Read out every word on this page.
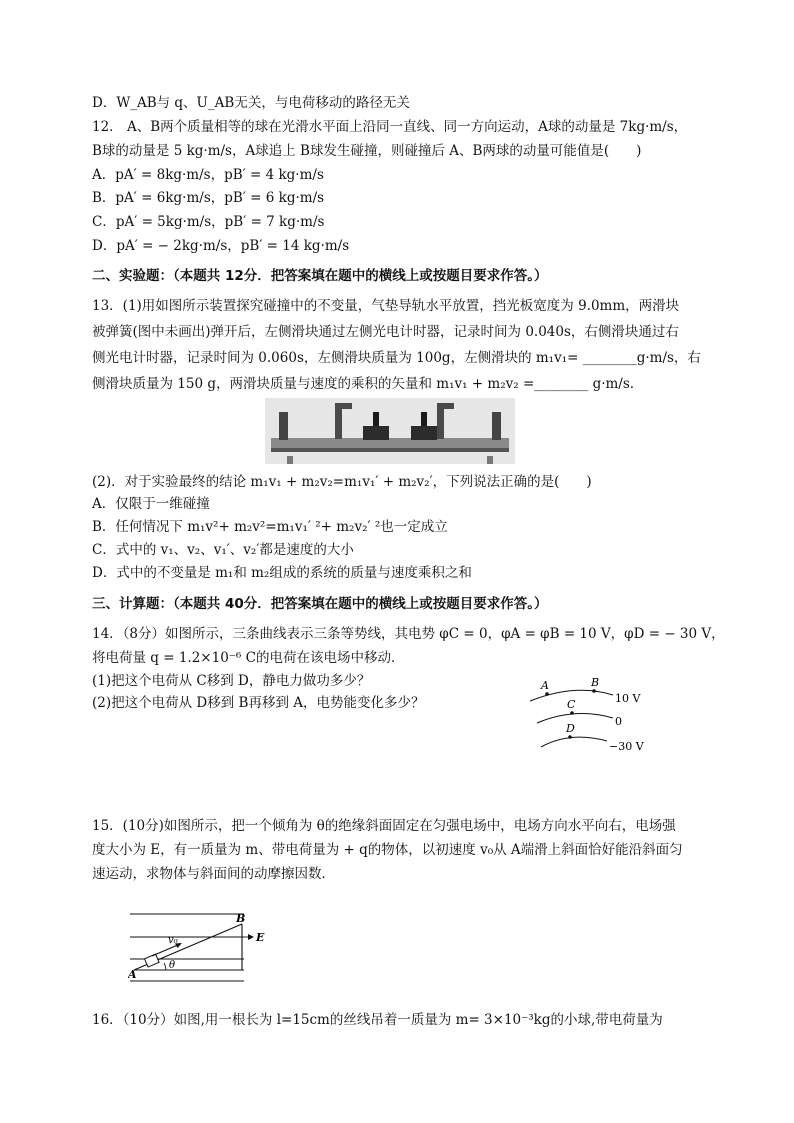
D．W_AB与 q、U_AB无关，与电荷移动的路径无关
12． A、B两个质量相等的球在光滑水平面上沿同一直线、同一方向运动，A球的动量是 7kg·m/s，
B球的动量是 5 kg·m/s，A球追上 B球发生碰撞，则碰撞后 A、B两球的动量可能值是(　　)
A．pA′ = 8kg·m/s，pB′ = 4 kg·m/s
B．pA′ = 6kg·m/s，pB′ = 6 kg·m/s
C．pA′ = 5kg·m/s，pB′ = 7 kg·m/s
D．pA′ = − 2kg·m/s，pB′ = 14 kg·m/s
二、实验题：（本题共 12分．把答案填在题中的横线上或按题目要求作答。）
13．(1)用如图所示装置探究碰撞中的不变量，气垫导轨水平放置，挡光板宽度为 9.0mm，两滑块
被弹簧(图中未画出)弹开后，左侧滑块通过左侧光电计时器，记录时间为 0.040s，右侧滑块通过右
侧光电计时器，记录时间为 0.060s，左侧滑块质量为 100g，左侧滑块的 m₁v₁= ________g·m/s，右
侧滑块质量为 150 g，两滑块质量与速度的乘积的矢量和 m₁v₁ + m₂v₂ =________ g·m/s.
(2)．对于实验最终的结论 m₁v₁ + m₂v₂=m₁v₁′ + m₂v₂′，下列说法正确的是(　　)
A．仅限于一维碰撞
B．任何情况下 m₁v²+ m₂v²=m₁v₁′ ²+ m₂v₂′ ²也一定成立
C．式中的 v₁、v₂、v₁′、v₂′都是速度的大小
D．式中的不变量是 m₁和 m₂组成的系统的质量与速度乘积之和
三、计算题：（本题共 40分．把答案填在题中的横线上或按题目要求作答。）
14．（8分）如图所示，三条曲线表示三条等势线，其电势 φC = 0，φA = φB = 10 V，φD = − 30 V，
将电荷量 q = 1.2×10⁻⁶ C的电荷在该电场中移动．
(1)把这个电荷从 C移到 D，静电力做功多少？
(2)把这个电荷从 D移到 B再移到 A，电势能变化多少？
A	B
C
D
10 V
0
−30 V
15．(10分)如图所示，把一个倾角为 θ的绝缘斜面固定在匀强电场中，电场方向水平向右，电场强
度大小为 E，有一质量为 m、带电荷量为 + q的物体，以初速度 v₀从 A端滑上斜面恰好能沿斜面匀
速运动，求物体与斜面间的动摩擦因数．
A
B
E
v₀
θ
16．（10分）如图,用一根长为 l=15cm的丝线吊着一质量为 m= 3×10⁻³kg的小球,带电荷量为
